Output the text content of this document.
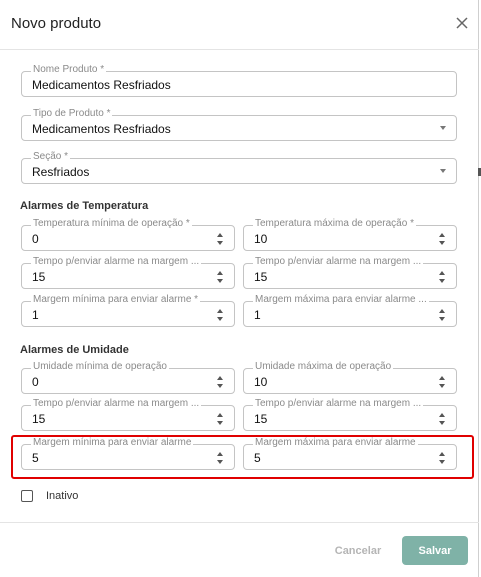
Novo produto
Nome Produto *
Medicamentos Resfriados
Tipo de Produto *
Medicamentos Resfriados
Seção *
Resfriados
Alarmes de Temperatura
Temperatura mínima de operação *
0
Temperatura máxima de operação *
10
Tempo p/enviar alarme na margem ...
15
Tempo p/enviar alarme na margem ...
15
Margem mínima para enviar alarme *
1
Margem máxima para enviar alarme ...
1
Alarmes de Umidade
Umidade mínima de operação
0
Umidade máxima de operação
10
Tempo p/enviar alarme na margem ...
15
Tempo p/enviar alarme na margem ...
15
Margem mínima para enviar alarme
5
Margem máxima para enviar alarme
5
Inativo
Cancelar	Salvar
